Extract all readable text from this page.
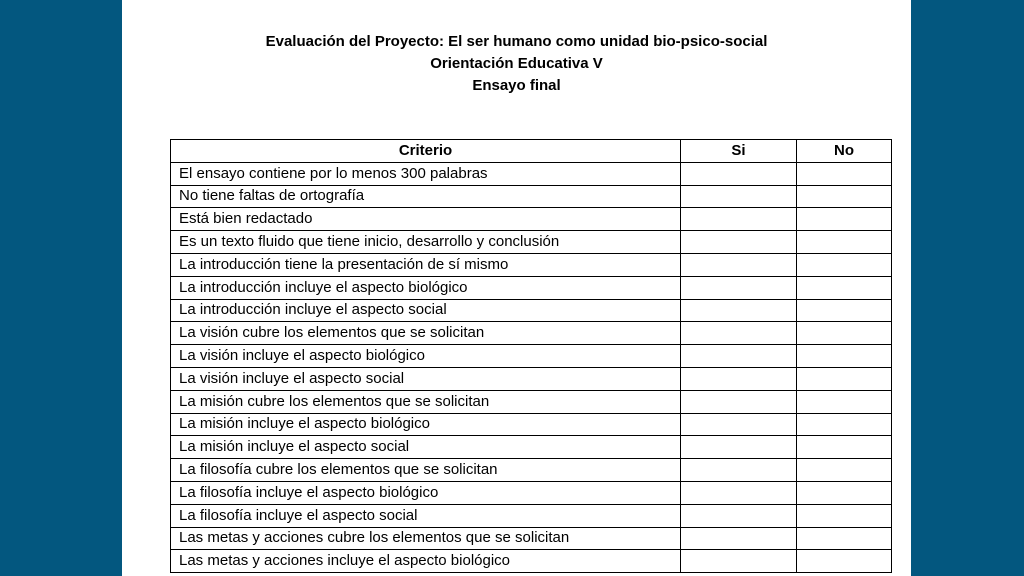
Evaluación del Proyecto: El ser humano como unidad bio-psico-social
Orientación Educativa V
Ensayo final
Criterio	Si	No
El ensayo contiene por lo menos 300 palabras		
No tiene faltas de ortografía		
Está bien redactado		
Es un texto fluido que tiene inicio, desarrollo y conclusión		
La introducción tiene la presentación de sí mismo		
La introducción incluye el aspecto biológico		
La introducción incluye el aspecto social		
La visión cubre los elementos que se solicitan		
La visión incluye el aspecto biológico		
La visión incluye el aspecto social		
La misión cubre los elementos que se solicitan		
La misión incluye el aspecto biológico		
La misión incluye el aspecto social		
La filosofía cubre los elementos que se solicitan		
La filosofía incluye el aspecto biológico		
La filosofía incluye el aspecto social		
Las metas y acciones cubre los elementos que se solicitan		
Las metas y acciones incluye el aspecto biológico		
